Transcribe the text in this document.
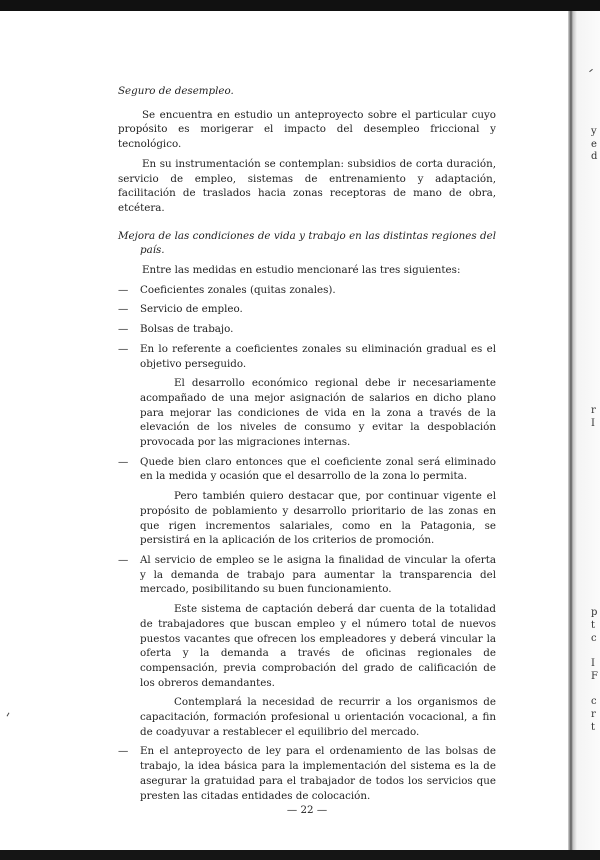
y
e
d
r
I
p
t
c
I
F
c
r
t

Seguro de desempleo.

Se encuentra en estudio un anteproyecto sobre el particular cuyo propósito es morigerar el impacto del desempleo friccional y tecnológico.

En su instrumentación se contemplan: subsidios de corta duración, servicio de empleo, sistemas de entrenamiento y adaptación, facilitación de traslados hacia zonas receptoras de mano de obra, etcétera.

Mejora de las condiciones de vida y trabajo en las distintas regiones del país.

Entre las medidas en estudio mencionaré las tres siguientes:

— Coeficientes zonales (quitas zonales).

— Servicio de empleo.

— Bolsas de trabajo.

— En lo referente a coeficientes zonales su eliminación gradual es el objetivo perseguido.

El desarrollo económico regional debe ir necesariamente acompañado de una mejor asignación de salarios en dicho plano para mejorar las condiciones de vida en la zona a través de la elevación de los niveles de consumo y evitar la despoblación provocada por las migraciones internas.

— Quede bien claro entonces que el coeficiente zonal será eliminado en la medida y ocasión que el desarrollo de la zona lo permita.

Pero también quiero destacar que, por continuar vigente el propósito de poblamiento y desarrollo prioritario de las zonas en que rigen incrementos salariales, como en la Patagonia, se persistirá en la aplicación de los criterios de promoción.

— Al servicio de empleo se le asigna la finalidad de vincular la oferta y la demanda de trabajo para aumentar la transparencia del mercado, posibilitando su buen funcionamiento.

Este sistema de captación deberá dar cuenta de la totalidad de trabajadores que buscan empleo y el número total de nuevos puestos vacantes que ofrecen los empleadores y deberá vincular la oferta y la demanda a través de oficinas regionales de compensación, previa comprobación del grado de calificación de los obreros demandantes.

Contemplará la necesidad de recurrir a los organismos de capacitación, formación profesional u orientación vocacional, a fin de coadyuvar a restablecer el equilibrio del mercado.

— En el anteproyecto de ley para el ordenamiento de las bolsas de trabajo, la idea básica para la implementación del sistema es la de asegurar la gratuidad para el trabajador de todos los servicios que presten las citadas entidades de colocación.

— 22 —
